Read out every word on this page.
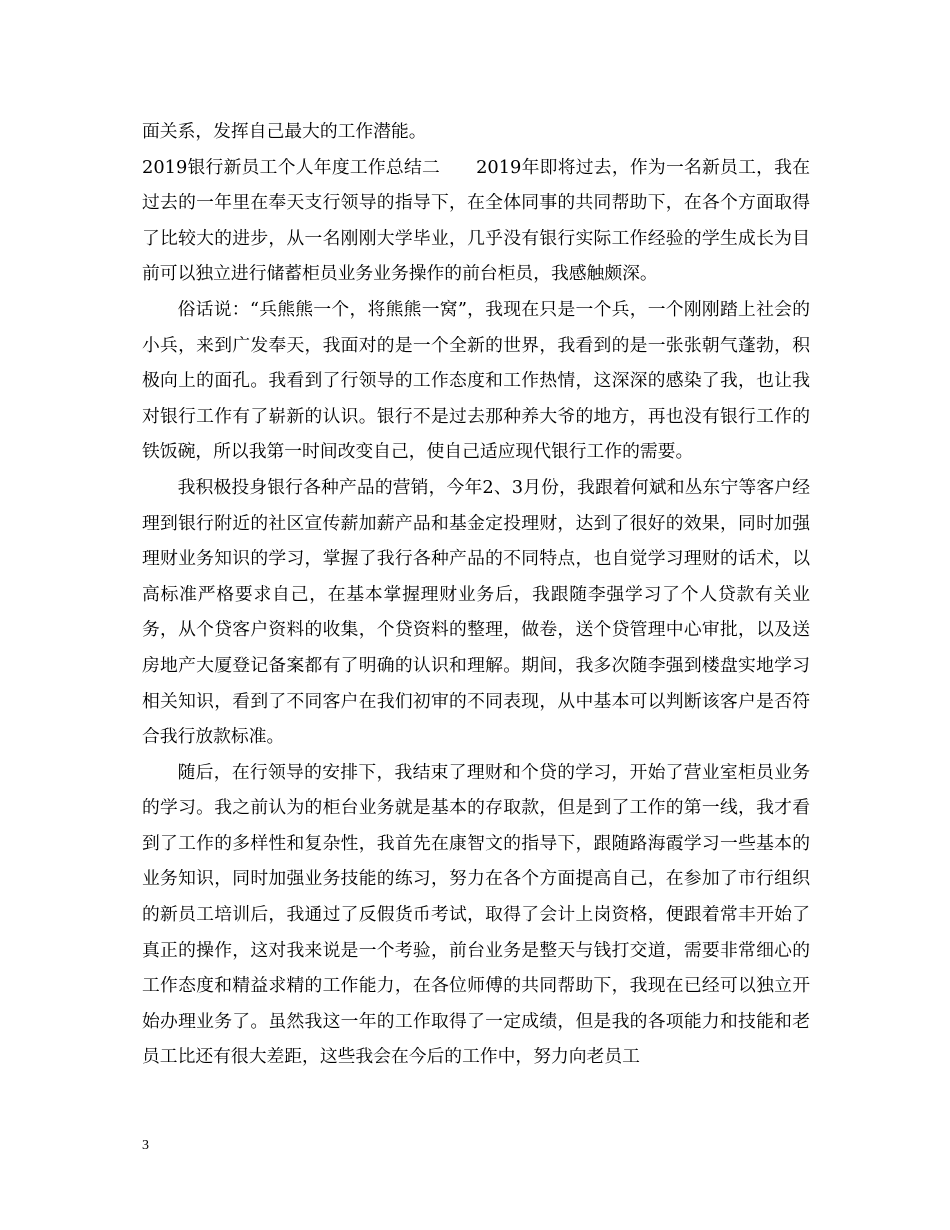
面关系，发挥自己最大的工作潜能。

2019银行新员工个人年度工作总结二　　2019年即将过去，作为一名新员工，我在过去的一年里在奉天支行领导的指导下，在全体同事的共同帮助下，在各个方面取得了比较大的进步，从一名刚刚大学毕业，几乎没有银行实际工作经验的学生成长为目前可以独立进行储蓄柜员业务业务操作的前台柜员，我感触颇深。

俗话说：“兵熊熊一个，将熊熊一窝”，我现在只是一个兵，一个刚刚踏上社会的小兵，来到广发奉天，我面对的是一个全新的世界，我看到的是一张张朝气蓬勃，积极向上的面孔。我看到了行领导的工作态度和工作热情，这深深的感染了我，也让我对银行工作有了崭新的认识。银行不是过去那种养大爷的地方，再也没有银行工作的铁饭碗，所以我第一时间改变自己，使自己适应现代银行工作的需要。

我积极投身银行各种产品的营销，今年2、3月份，我跟着何斌和丛东宁等客户经理到银行附近的社区宣传薪加薪产品和基金定投理财，达到了很好的效果，同时加强理财业务知识的学习，掌握了我行各种产品的不同特点，也自觉学习理财的话术，以高标准严格要求自己，在基本掌握理财业务后，我跟随李强学习了个人贷款有关业务，从个贷客户资料的收集，个贷资料的整理，做卷，送个贷管理中心审批，以及送房地产大厦登记备案都有了明确的认识和理解。期间，我多次随李强到楼盘实地学习相关知识，看到了不同客户在我们初审的不同表现，从中基本可以判断该客户是否符合我行放款标准。

随后，在行领导的安排下，我结束了理财和个贷的学习，开始了营业室柜员业务的学习。我之前认为的柜台业务就是基本的存取款，但是到了工作的第一线，我才看到了工作的多样性和复杂性，我首先在康智文的指导下，跟随路海霞学习一些基本的业务知识，同时加强业务技能的练习，努力在各个方面提高自己，在参加了市行组织的新员工培训后，我通过了反假货币考试，取得了会计上岗资格，便跟着常丰开始了真正的操作，这对我来说是一个考验，前台业务是整天与钱打交道，需要非常细心的工作态度和精益求精的工作能力，在各位师傅的共同帮助下，我现在已经可以独立开始办理业务了。虽然我这一年的工作取得了一定成绩，但是我的各项能力和技能和老员工比还有很大差距，这些我会在今后的工作中，努力向老员工

3
